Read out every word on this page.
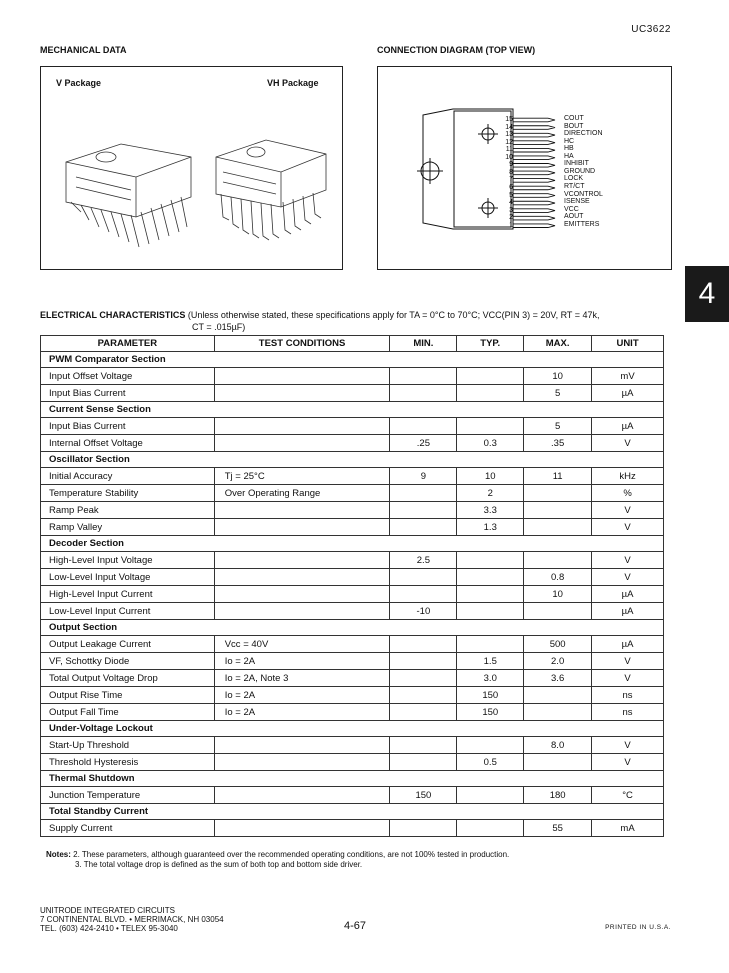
UC3622
MECHANICAL DATA
V Package	VH Package
CONNECTION DIAGRAM (TOP VIEW)
15
14
13
12
11
10
9
8
7
6
5
4
3
2
1
COUT
BOUT
DIRECTION
HC
HB
HA
INHIBIT
GROUND
LOCK
RT/CT
VCONTROL
ISENSE
VCC
AOUT
EMITTERS
4
ELECTRICAL CHARACTERISTICS (Unless otherwise stated, these specifications apply for TA = 0°C to 70°C; VCC(PIN 3) = 20V, RT = 47k,
CT = .015µF)
PARAMETER	TEST CONDITIONS	MIN.	TYP.	MAX.	UNIT
PWM Comparator Section					
Input Offset Voltage				10	mV
Input Bias Current				5	µA
Current Sense Section					
Input Bias Current				5	µA
Internal Offset Voltage		.25	0.3	.35	V
Oscillator Section					
Initial Accuracy	Tj = 25°C	9	10	11	kHz
Temperature Stability	Over Operating Range		2		%
Ramp Peak			3.3		V
Ramp Valley			1.3		V
Decoder Section					
High-Level Input Voltage		2.5			V
Low-Level Input Voltage				0.8	V
High-Level Input Current				10	µA
Low-Level Input Current		-10			µA
Output Section					
Output Leakage Current	Vcc = 40V			500	µA
VF, Schottky Diode	Io = 2A		1.5	2.0	V
Total Output Voltage Drop	Io = 2A, Note 3		3.0	3.6	V
Output Rise Time	Io = 2A		150		ns
Output Fall Time	Io = 2A		150		ns
Under-Voltage Lockout					
Start-Up Threshold				8.0	V
Threshold Hysteresis			0.5		V
Thermal Shutdown					
Junction Temperature		150		180	°C
Total Standby Current					
Supply Current				55	mA
Notes: 2. These parameters, although guaranteed over the recommended operating conditions, are not 100% tested in production.
3. The total voltage drop is defined as the sum of both top and bottom side driver.
UNITRODE INTEGRATED CIRCUITS
7 CONTINENTAL BLVD. • MERRIMACK, NH 03054
TEL. (603) 424-2410 • TELEX 95-3040	4-67	PRINTED IN U.S.A.
